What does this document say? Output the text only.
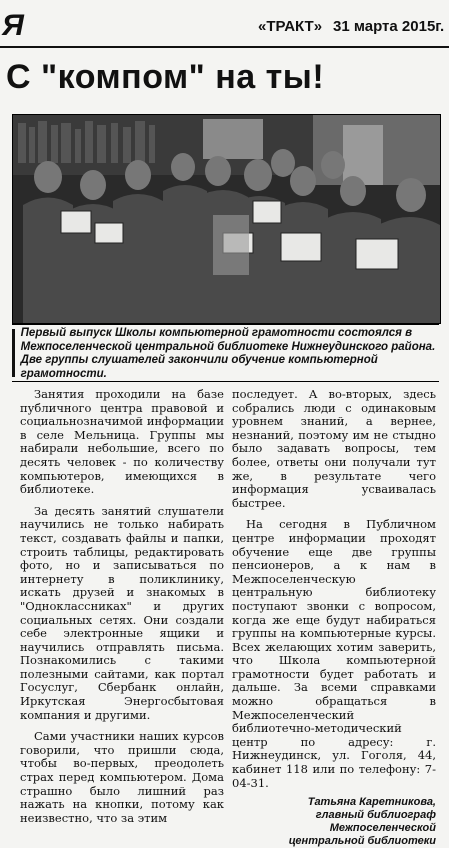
Я	«ТРАКТ» 31 марта 2015г.
С "компом" на ты!
Первый выпуск Школы компьютерной грамотности состоялся в Межпоселенческой центральной библиотеке Нижнеудинского района. Две группы слушателей закончили обучение компьютерной грамотности.

Занятия проходили на базе публичного центра правовой и социальнозначимой информации в селе Мельница. Группы мы набирали небольшие, всего по десять человек - по количеству компьютеров, имеющихся в библиотеке.

За десять занятий слушатели научились не только набирать текст, создавать файлы и папки, строить таблицы, редактировать фото, но и записываться по интернету в поликлинику, искать друзей и знакомых в "Одноклассниках" и других социальных сетях. Они создали себе электронные ящики и научились отправлять письма. Познакомились с такими полезными сайтами, как портал Госуслуг, Сбербанк онлайн, Иркутская Энергосбытовая компания и другими.

Сами участники наших курсов говорили, что пришли сюда, чтобы во-первых, преодолеть страх перед компьютером. Дома страшно было лишний раз нажать на кнопки, потому как неизвестно, что за этим

последует. А во-вторых, здесь собрались люди с одинаковым уровнем знаний, а вернее, незнаний, поэтому им не стыдно было задавать вопросы, тем более, ответы они получали тут же, в результате чего информация усваивалась быстрее.

На сегодня в Публичном центре информации проходят обучение еще две группы пенсионеров, а к нам в Межпоселенческую центральную библиотеку поступают звонки с вопросом, когда же еще будут набираться группы на компьютерные курсы. Всех желающих хотим заверить, что Школа компьютерной грамотности будет работать и дальше. За всеми справками можно обращаться в Межпоселенческий библиотечно-методический центр по адресу: г. Нижнеудинск, ул. Гоголя, 44, кабинет 118 или по телефону: 7-04-31.

Татьяна Каретникова,
главный библиограф
Межпоселенческой
центральной библиотеки
